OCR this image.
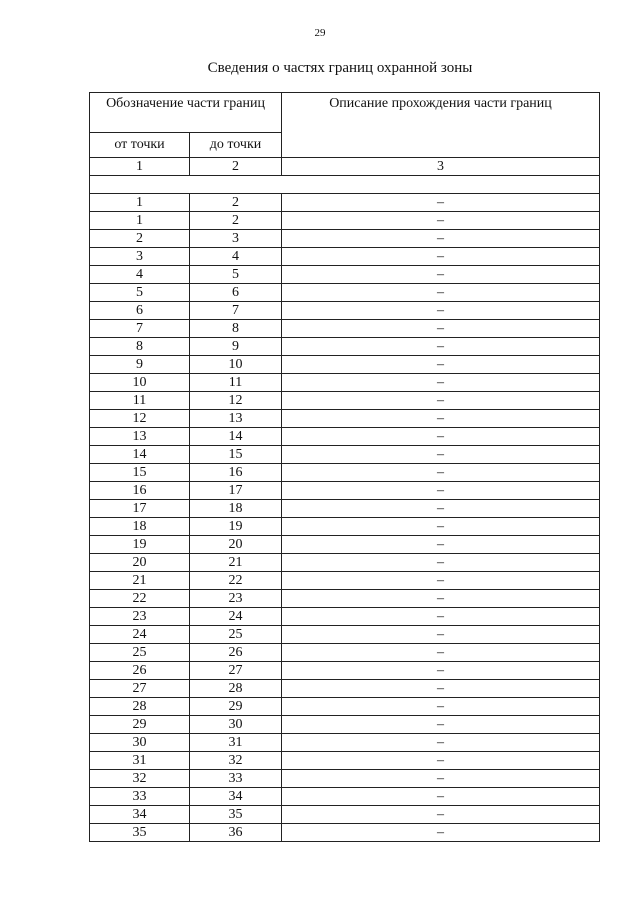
29
Сведения о частях границ охранной зоны
Обозначение части границ		Описание прохождения части границ
от точки	до точки	
1	2	3

1	2	–
1	2	–
2	3	–
3	4	–
4	5	–
5	6	–
6	7	–
7	8	–
8	9	–
9	10	–
10	11	–
11	12	–
12	13	–
13	14	–
14	15	–
15	16	–
16	17	–
17	18	–
18	19	–
19	20	–
20	21	–
21	22	–
22	23	–
23	24	–
24	25	–
25	26	–
26	27	–
27	28	–
28	29	–
29	30	–
30	31	–
31	32	–
32	33	–
33	34	–
34	35	–
35	36	–
